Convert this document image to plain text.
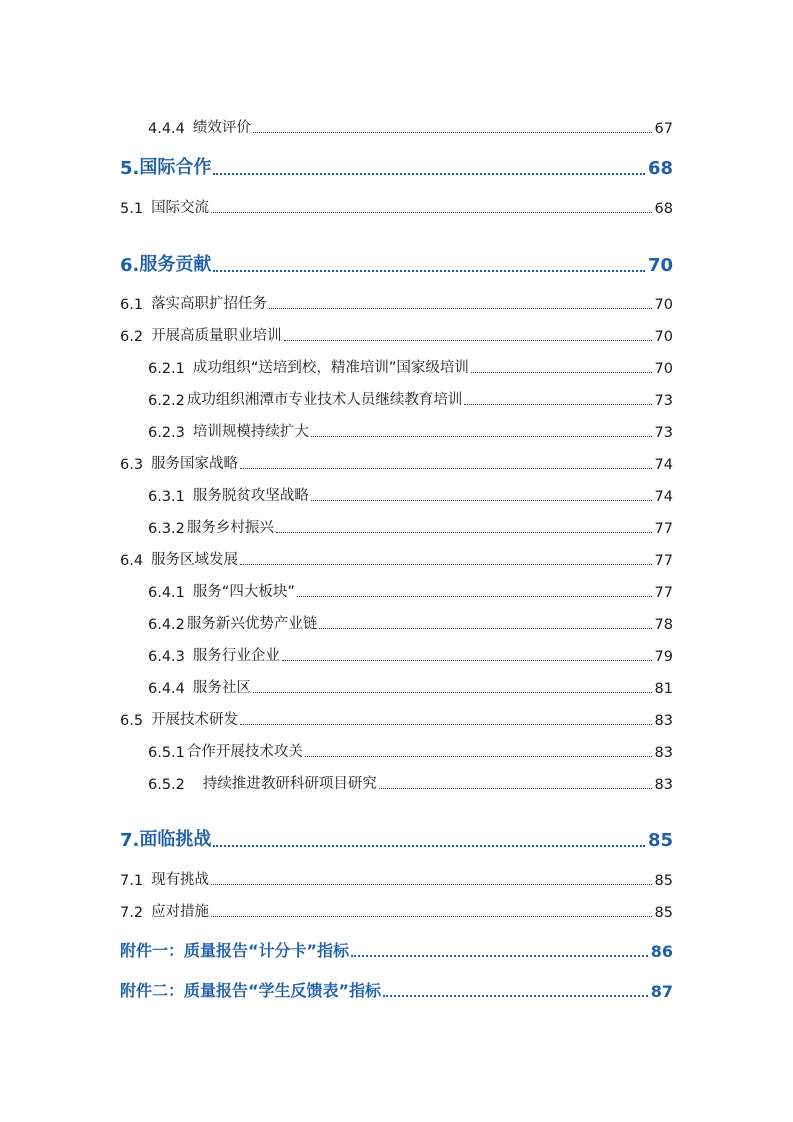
4.4.4 绩效评价	67
5. 国际合作	68
5.1 国际交流	68
6. 服务贡献	70
6.1 落实高职扩招任务	70
6.2 开展高质量职业培训	70
6.2.1 成功组织“送培到校，精准培训”国家级培训	70
6.2.2 成功组织湘潭市专业技术人员继续教育培训	73
6.2.3 培训规模持续扩大	73
6.3 服务国家战略	74
6.3.1 服务脱贫攻坚战略	74
6.3.2 服务乡村振兴	77
6.4 服务区域发展	77
6.4.1 服务“四大板块”	77
6.4.2 服务新兴优势产业链	78
6.4.3 服务行业企业	79
6.4.4 服务社区	81
6.5 开展技术研发	83
6.5.1 合作开展技术攻关	83
6.5.2 持续推进教研科研项目研究	83
7. 面临挑战	85
7.1 现有挑战	85
7.2 应对措施	85
附件一：质量报告“计分卡”指标	86
附件二：质量报告“学生反馈表”指标	87
